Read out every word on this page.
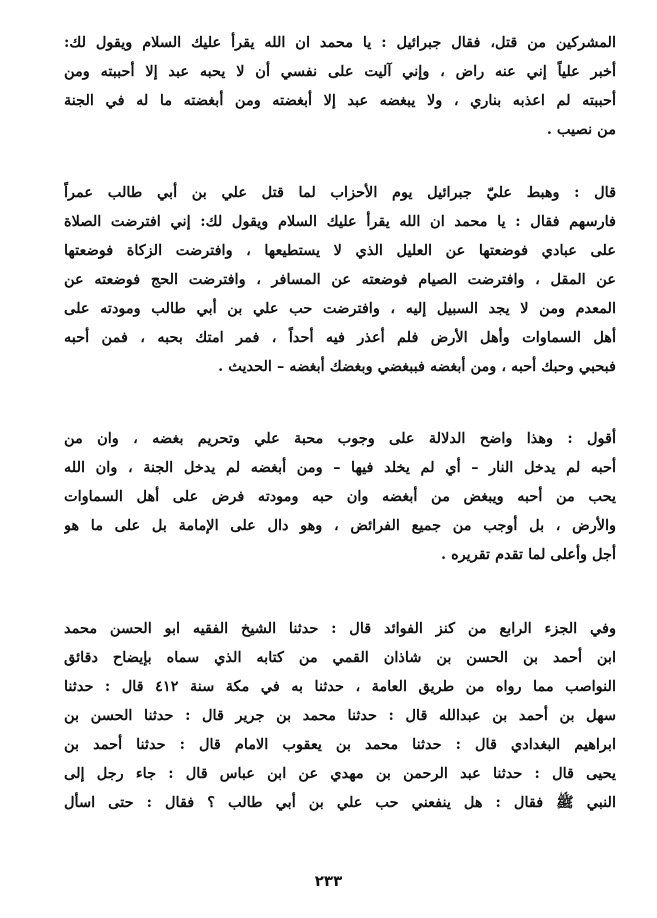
المشركين من قتل، فقال جبرائيل : يا محمد ان الله يقرأ عليك السلام ويقول لك:
أخبر علياً إني عنه راض ، وإني آليت على نفسي أن لا يحبه عبد إلا أحببته ومن
أحببته لم اعذبه بناري ، ولا يبغضه عبد إلا أبغضته ومن أبغضته ما له في الجنة
من نصيب .
قال : وهبط عليّ جبرائيل يوم الأحزاب لما قتل علي بن أبي طالب عمراً
فارسهم فقال : يا محمد ان الله يقرأ عليك السلام ويقول لك: إني افترضت الصلاة
على عبادي فوضعتها عن العليل الذي لا يستطيعها ، وافترضت الزكاة فوضعتها
عن المقل ، وافترضت الصيام فوضعته عن المسافر ، وافترضت الحج فوضعته عن
المعدم ومن لا يجد السبيل إليه ، وافترضت حب علي بن أبي طالب ومودته على
أهل السماوات وأهل الأرض فلم أعذر فيه أحداً ، فمر امتك بحبه ، فمن أحبه
فبحبي وحبك أحبه ، ومن أبغضه فببغضي وبغضك أبغضه – الحديث .
أقول : وهذا واضح الدلالة على وجوب محبة علي وتحريم بغضه ، وان من
أحبه لم يدخل النار – أي لم يخلد فيها – ومن أبغضه لم يدخل الجنة ، وان الله
يحب من أحبه ويبغض من أبغضه وان حبه ومودته فرض على أهل السماوات
والأرض ، بل أوجب من جميع الفرائض ، وهو دال على الإمامة بل على ما هو
أجل وأعلى لما تقدم تقريره .
وفي الجزء الرابع من كنز الفوائد قال : حدثنا الشيخ الفقيه ابو الحسن محمد
ابن أحمد بن الحسن بن شاذان القمي من كتابه الذي سماه بإيضاح دقائق
النواصب مما رواه من طريق العامة ، حدثنا به في مكة سنة ٤١٢ قال : حدثنا
سهل بن أحمد بن عبدالله قال : حدثنا محمد بن جرير قال : حدثنا الحسن بن
ابراهيم البغدادي قال : حدثنا محمد بن يعقوب الامام قال : حدثنا أحمد بن
يحيى قال : حدثنا عبد الرحمن بن مهدي عن ابن عباس قال : جاء رجل إلى
النبي ﷺ فقال : هل ينفعني حب علي بن أبي طالب ؟ فقال : حتى اسأل
٢٣٣
